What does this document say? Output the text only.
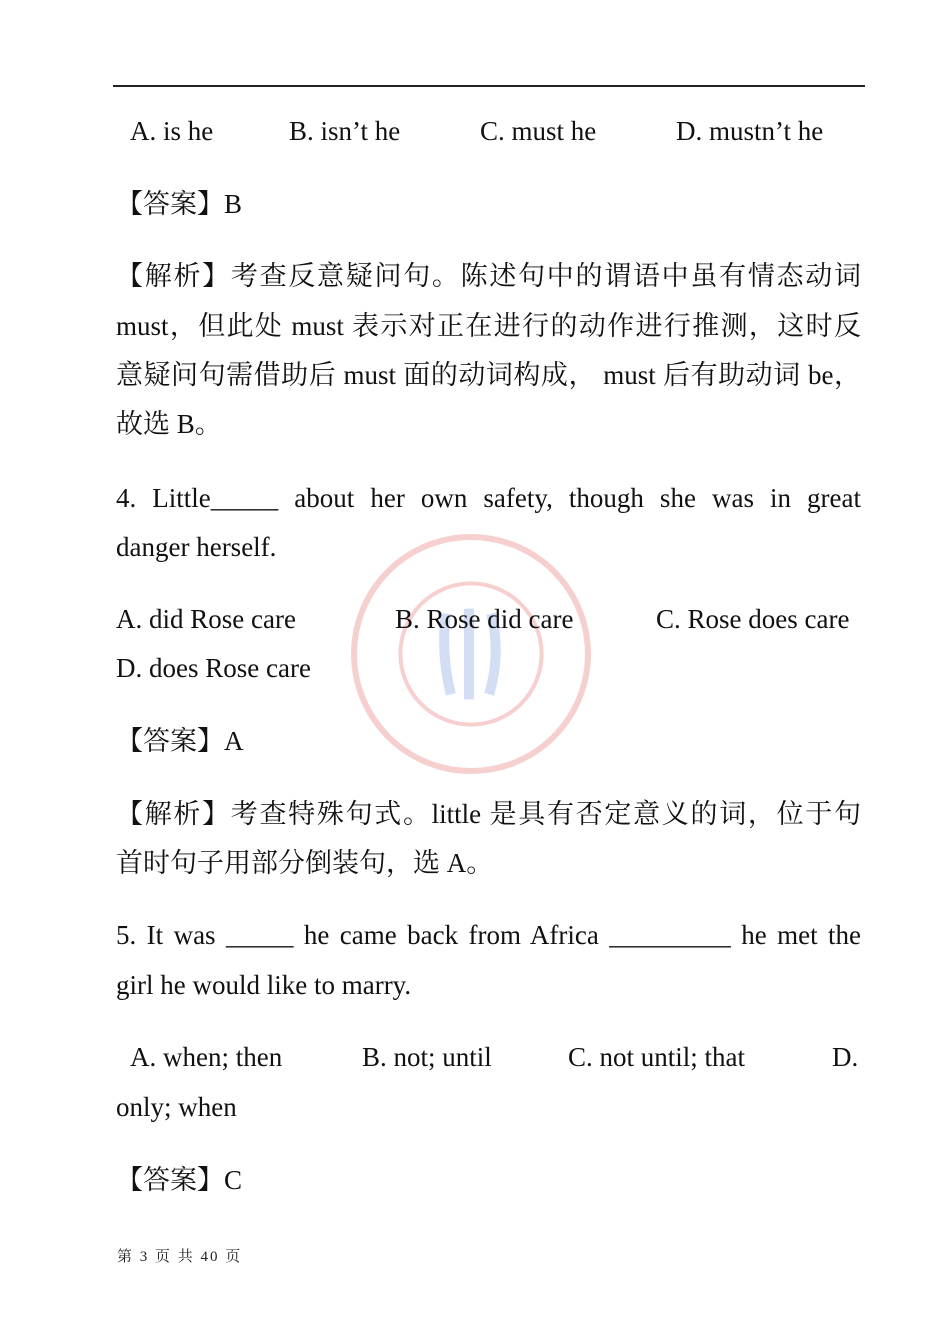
A. is he	B. isn’t he	C. must he	D. mustn’t he
【答案】B
【解析】考查反意疑问句。陈述句中的谓语中虽有情态动词
must，但此处 must 表示对正在进行的动作进行推测，这时反
意疑问句需借助后 must 面的动词构成， must 后有助动词 be，
故选 B。
4. Little_____ about her own safety, though she was in great
danger herself.
A. did Rose care	B. Rose did care	C. Rose does care
D. does Rose care
【答案】A
【解析】考查特殊句式。little 是具有否定意义的词，位于句
首时句子用部分倒装句，选 A。
5. It was _____ he came back from Africa _________ he met the
girl he would like to marry.
A. when; then	B. not; until	C. not until; that	D.
only; when
【答案】C
第 3 页 共 40 页
